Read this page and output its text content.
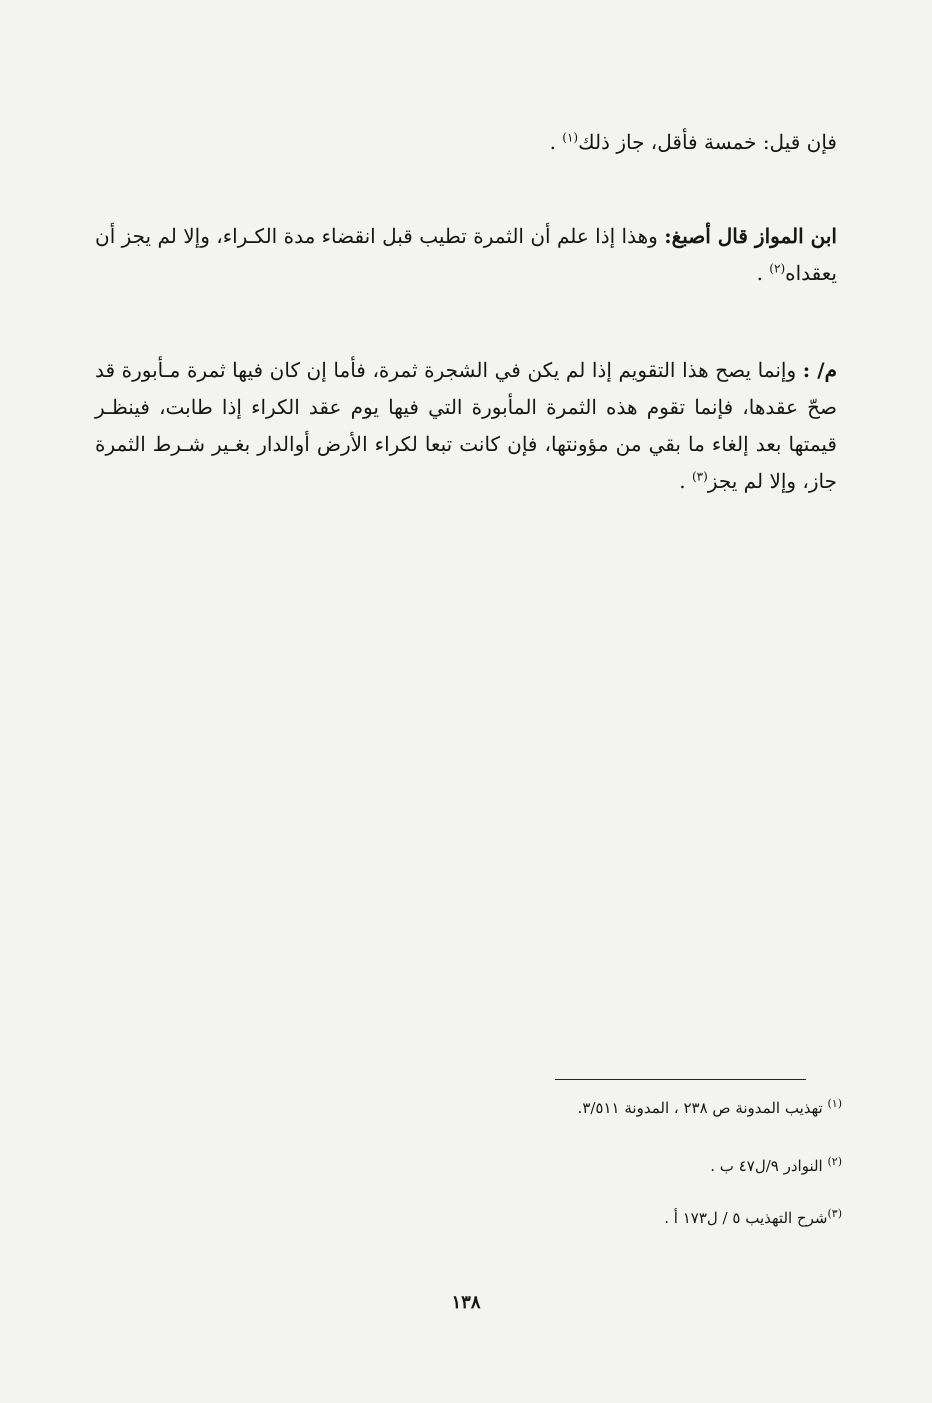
فإن قيل: خمسة فأقل، جاز ذلك$^{(١)}$ .

ابن المواز قال أصبغ: وهذا إذا علم أن الثمرة تطيب قبل انقضاء مدة الكـراء، وإلا لم يجز أن يعقداه$^{(٢)}$ .

م/ : وإنما يصح هذا التقويم إذا لم يكن في الشجرة ثمرة، فأما إن كان فيها ثمرة مـأبورة قد صحّ عقدها، فإنما تقوم هذه الثمرة المأبورة التي فيها يوم عقد الكراء إذا طابت، فينظـر قيمتها بعد إلغاء ما بقي من مؤونتها، فإن كانت تبعا لكراء الأرض أوالدار بغـير شـرط الثمرة جاز، وإلا لم يجز$^{(٣)}$ .

$^{(١)}$ تهذيب المدونة ص ٢٣٨ ، المدونة ٣/٥١١.
$^{(٢)}$ النوادر ٩/ل٤٧ ب .
$^{(٣)}$شرح التهذيب ٥ / ل١٧٣ أ .
١٣٨
